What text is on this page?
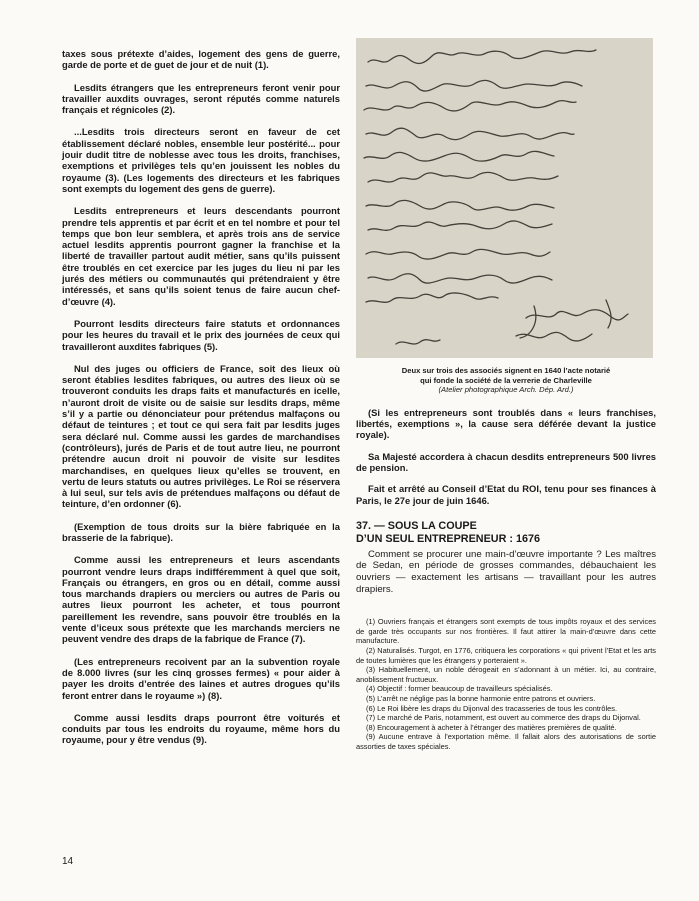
taxes sous prétexte d’aides, logement des gens de guerre, garde de porte et de guet de jour et de nuit (1).

Lesdits étrangers que les entrepreneurs feront venir pour travailler auxdits ouvrages, seront réputés comme naturels français et régnicoles (2).

...Lesdits trois directeurs seront en faveur de cet établissement déclaré nobles, ensemble leur postérité... pour jouir dudit titre de noblesse avec tous les droits, franchises, exemptions et privilèges tels qu’en jouissent les nobles du royaume (3). (Les logements des directeurs et les fabriques sont exempts du logement des gens de guerre).

Lesdits entrepreneurs et leurs descendants pourront prendre tels apprentis et par écrit et en tel nombre et pour tel temps que bon leur semblera, et après trois ans de service actuel lesdits apprentis pourront gagner la franchise et la liberté de travailler partout audit métier, sans qu’ils puissent être troublés en cet exercice par les juges du lieu ni par les jurés des métiers ou communautés qui prétendraient y être intéressés, et sans qu’ils soient tenus de faire aucun chef-d’œuvre (4).

Pourront lesdits directeurs faire statuts et ordonnances pour les heures du travail et le prix des journées de ceux qui travailleront auxdites fabriques (5).

Nul des juges ou officiers de France, soit des lieux où seront établies lesdites fabriques, ou autres des lieux où se trouveront conduits les draps faits et manufacturés en icelle, n’auront droit de visite ou de saisie sur lesdits draps, même s’il y a partie ou dénonciateur pour prétendus malfaçons ou défaut de teintures ; et tout ce qui sera fait par lesdits juges sera déclaré nul. Comme aussi les gardes de marchandises (contrôleurs), jurés de Paris et de tout autre lieu, ne pourront prétendre aucun droit ni pouvoir de visite sur lesdites marchandises, en quelques lieux qu’elles se trouvent, en vertu de leurs statuts ou autres privilèges. Le Roi se réservera à lui seul, sur tels avis de prétendues malfaçons ou défaut de teinture, d’en ordonner (6).

(Exemption de tous droits sur la bière fabriquée en la brasserie de la fabrique).

Comme aussi les entrepreneurs et leurs ascendants pourront vendre leurs draps indifféremment à quel que soit, Français ou étrangers, en gros ou en détail, comme aussi tous marchands drapiers ou merciers ou autres de Paris ou autres lieux pourront les acheter, et tous pourront pareillement les revendre, sans pouvoir être troublés en la vente d’iceux sous prétexte que les marchands merciers ne peuvent vendre des draps de la fabrique de France (7).

(Les entrepreneurs recoivent par an la subvention royale de 8.000 livres (sur les cinq grosses fermes) « pour aider à payer les droits d’entrée des laines et autres drogues qu’ils feront entrer dans le royaume ») (8).

Comme aussi lesdits draps pourront être voiturés et conduits par tous les endroits du royaume, même hors du royaume, pour y être vendus (9).

Deux sur trois des associés signent en 1640 l’acte notarié
qui fonde la société de la verrerie de Charleville
(Atelier photographique Arch. Dép. Ard.)

(Si les entrepreneurs sont troublés dans « leurs franchises, libertés, exemptions », la cause sera déférée devant la justice royale).

Sa Majesté accordera à chacun desdits entrepreneurs 500 livres de pension.

Fait et arrêté au Conseil d’Etat du ROI, tenu pour ses finances à Paris, le 27e jour de juin 1646.

37. — SOUS LA COUPE
D’UN SEUL ENTREPRENEUR : 1676

Comment se procurer une main-d’œuvre importante ? Les maîtres de Sedan, en période de grosses commandes, débauchaient les ouvriers — exactement les artisans — travaillant pour les autres drapiers.

(1) Ouvriers français et étrangers sont exempts de tous impôts royaux et des services de garde très occupants sur nos frontières. Il faut attirer la main-d’œuvre dans cette manufacture.

(2) Naturalisés. Turgot, en 1776, critiquera les corporations « qui privent l’Etat et les arts de toutes lumières que les étrangers y porteraient ».

(3) Habituellement, un noble dérogeait en s’adonnant à un métier. Ici, au contraire, anoblissement fructueux.

(4) Objectif : former beaucoup de travailleurs spécialisés.

(5) L’arrêt ne néglige pas la bonne harmonie entre patrons et ouvriers.

(6) Le Roi libère les draps du Dijonval des tracasseries de tous les contrôles.

(7) Le marché de Paris, notamment, est ouvert au commerce des draps du Dijonval.

(8) Encouragement à acheter à l’étranger des matières premières de qualité.

(9) Aucune entrave à l’exportation même. Il fallait alors des autorisations de sortie assorties de taxes spéciales.

14
